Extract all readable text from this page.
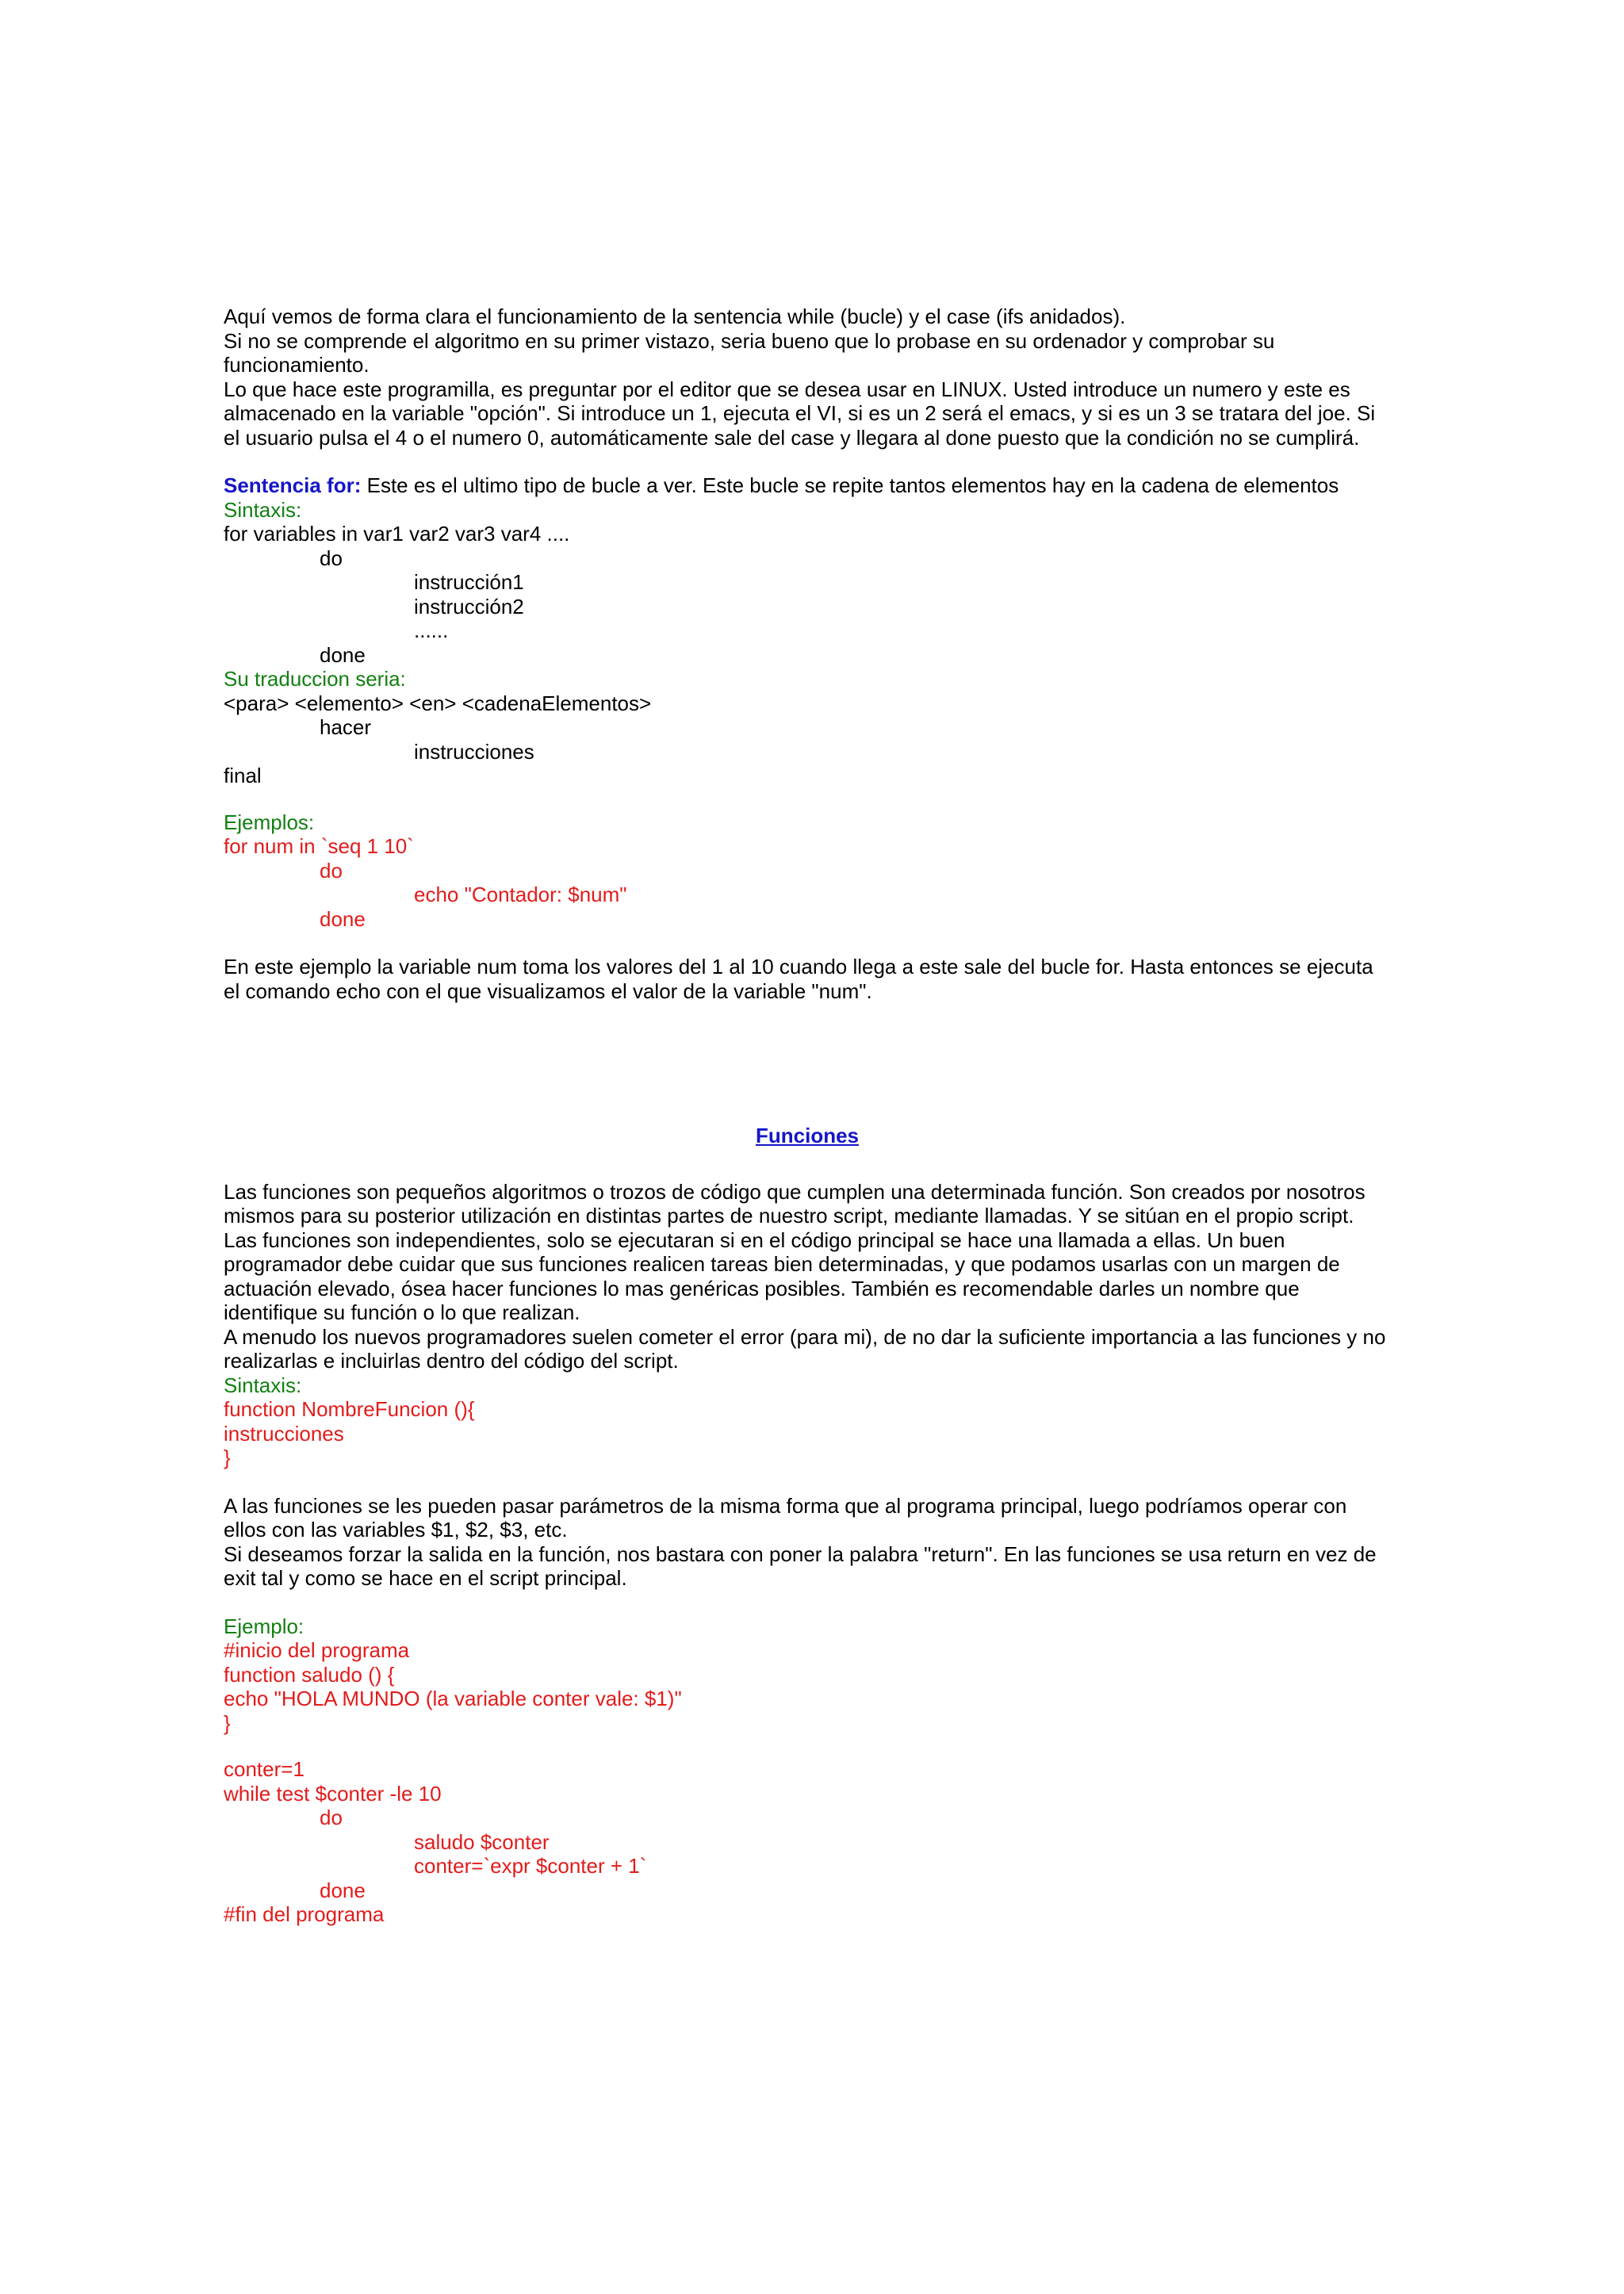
Aquí vemos de forma clara el funcionamiento de la sentencia while (bucle) y el case (ifs anidados).

Si no se comprende el algoritmo en su primer vistazo, seria bueno que lo probase en su ordenador y comprobar su funcionamiento.

Lo que hace este programilla, es preguntar por el editor que se desea usar en LINUX. Usted introduce un numero y este es almacenado en la variable "opción". Si introduce un 1, ejecuta el VI, si es un 2 será el emacs, y si es un 3 se tratara del joe. Si el usuario pulsa el 4 o el numero 0, automáticamente sale del case y llegara al done puesto que la condición no se cumplirá.

Sentencia for: Este es el ultimo tipo de bucle a ver. Este bucle se repite tantos elementos hay en la cadena de elementos

Sintaxis:

for variables in var1 var2 var3 var4 ....

do

instrucción1

instrucción2

......

done

Su traduccion seria:

<para> <elemento> <en> <cadenaElementos>

hacer

instrucciones

final

Ejemplos:

for num in `seq 1 10`

do

echo "Contador: $num"

done

En este ejemplo la variable num toma los valores del 1 al 10 cuando llega a este sale del bucle for. Hasta entonces se ejecuta el comando echo con el que visualizamos el valor de la variable "num".

Funciones

Las funciones son pequeños algoritmos o trozos de código que cumplen una determinada función. Son creados por nosotros mismos para su posterior utilización en distintas partes de nuestro script, mediante llamadas. Y se sitúan en el propio script.

Las funciones son independientes, solo se ejecutaran si en el código principal se hace una llamada a ellas. Un buen programador debe cuidar que sus funciones realicen tareas bien determinadas, y que podamos usarlas con un margen de actuación elevado, ósea hacer funciones lo mas genéricas posibles. También es recomendable darles un nombre que identifique su función o lo que realizan.

A menudo los nuevos programadores suelen cometer el error (para mi), de no dar la suficiente importancia a las funciones y no realizarlas e incluirlas dentro del código del script.

Sintaxis:

function NombreFuncion (){

instrucciones

}

A las funciones se les pueden pasar parámetros de la misma forma que al programa principal, luego podríamos operar con ellos con las variables $1, $2, $3, etc.

Si deseamos forzar la salida en la función, nos bastara con poner la palabra "return". En las funciones se usa return en vez de exit tal y como se hace en el script principal.

Ejemplo:

#inicio del programa

function saludo () {

echo "HOLA MUNDO (la variable conter vale: $1)"

}

conter=1

while test $conter -le 10

do

saludo $conter

conter=`expr $conter + 1`

done

#fin del programa
